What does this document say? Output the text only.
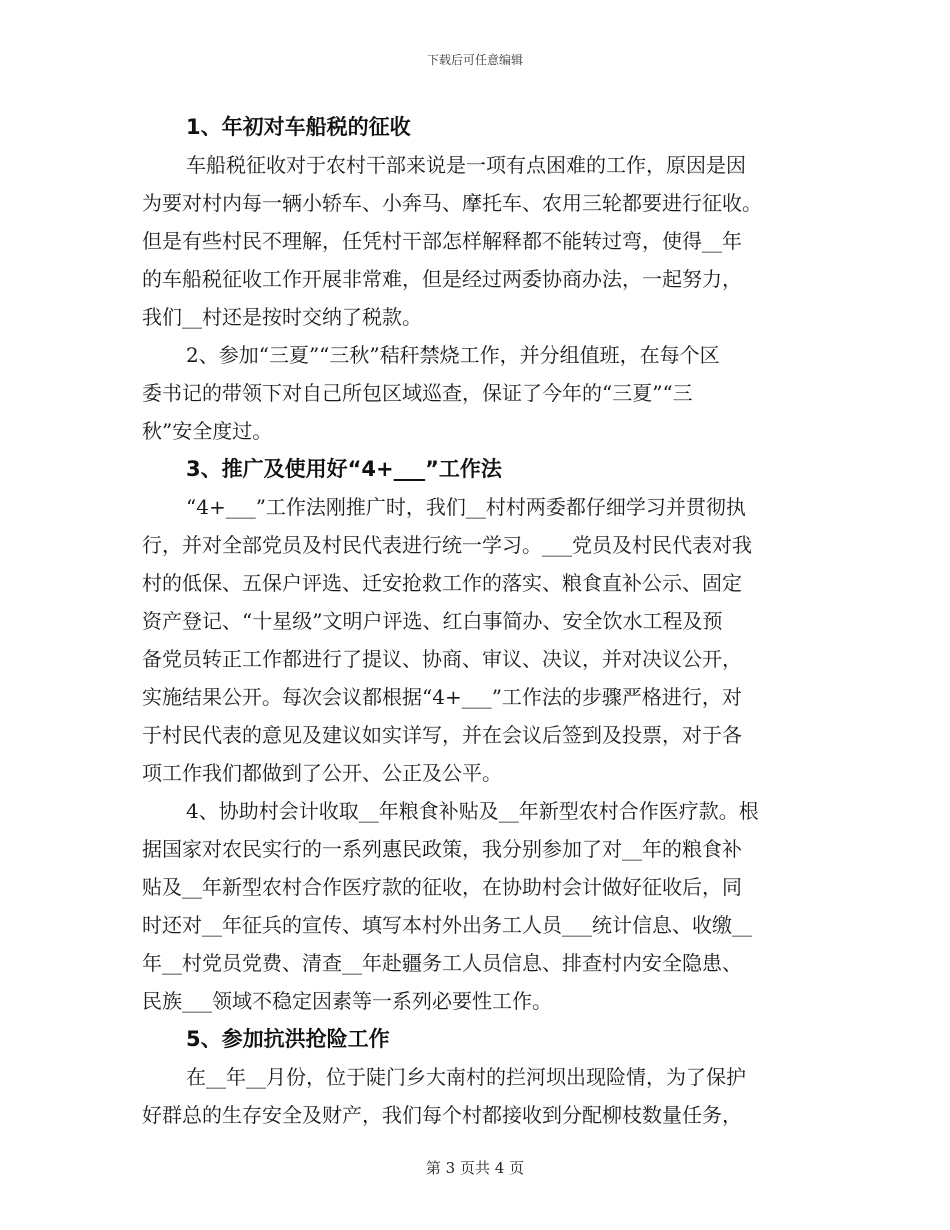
下载后可任意编辑
1、年初对车船税的征收
车船税征收对于农村干部来说是一项有点困难的工作，原因是因
为要对村内每一辆小轿车、小奔马、摩托车、农用三轮都要进行征收。
但是有些村民不理解，任凭村干部怎样解释都不能转过弯，使得__年
的车船税征收工作开展非常难，但是经过两委协商办法，一起努力，
我们__村还是按时交纳了税款。
2、参加“三夏”“三秋”秸秆禁烧工作，并分组值班，在每个区
委书记的带领下对自己所包区域巡查，保证了今年的“三夏”“三
秋”安全度过。
3、推广及使用好“4+___”工作法
“4+___”工作法刚推广时，我们__村村两委都仔细学习并贯彻执
行，并对全部党员及村民代表进行统一学习。___党员及村民代表对我
村的低保、五保户评选、迁安抢救工作的落实、粮食直补公示、固定
资产登记、“十星级”文明户评选、红白事简办、安全饮水工程及预
备党员转正工作都进行了提议、协商、审议、决议，并对决议公开，
实施结果公开。每次会议都根据“4+___”工作法的步骤严格进行，对
于村民代表的意见及建议如实详写，并在会议后签到及投票，对于各
项工作我们都做到了公开、公正及公平。
4、协助村会计收取__年粮食补贴及__年新型农村合作医疗款。根
据国家对农民实行的一系列惠民政策，我分别参加了对__年的粮食补
贴及__年新型农村合作医疗款的征收，在协助村会计做好征收后，同
时还对__年征兵的宣传、填写本村外出务工人员___统计信息、收缴__
年__村党员党费、清查__年赴疆务工人员信息、排查村内安全隐患、
民族___领域不稳定因素等一系列必要性工作。
5、参加抗洪抢险工作
在__年__月份，位于陡门乡大南村的拦河坝出现险情，为了保护
好群总的生存安全及财产，我们每个村都接收到分配柳枝数量任务，
第 3 页共 4 页
